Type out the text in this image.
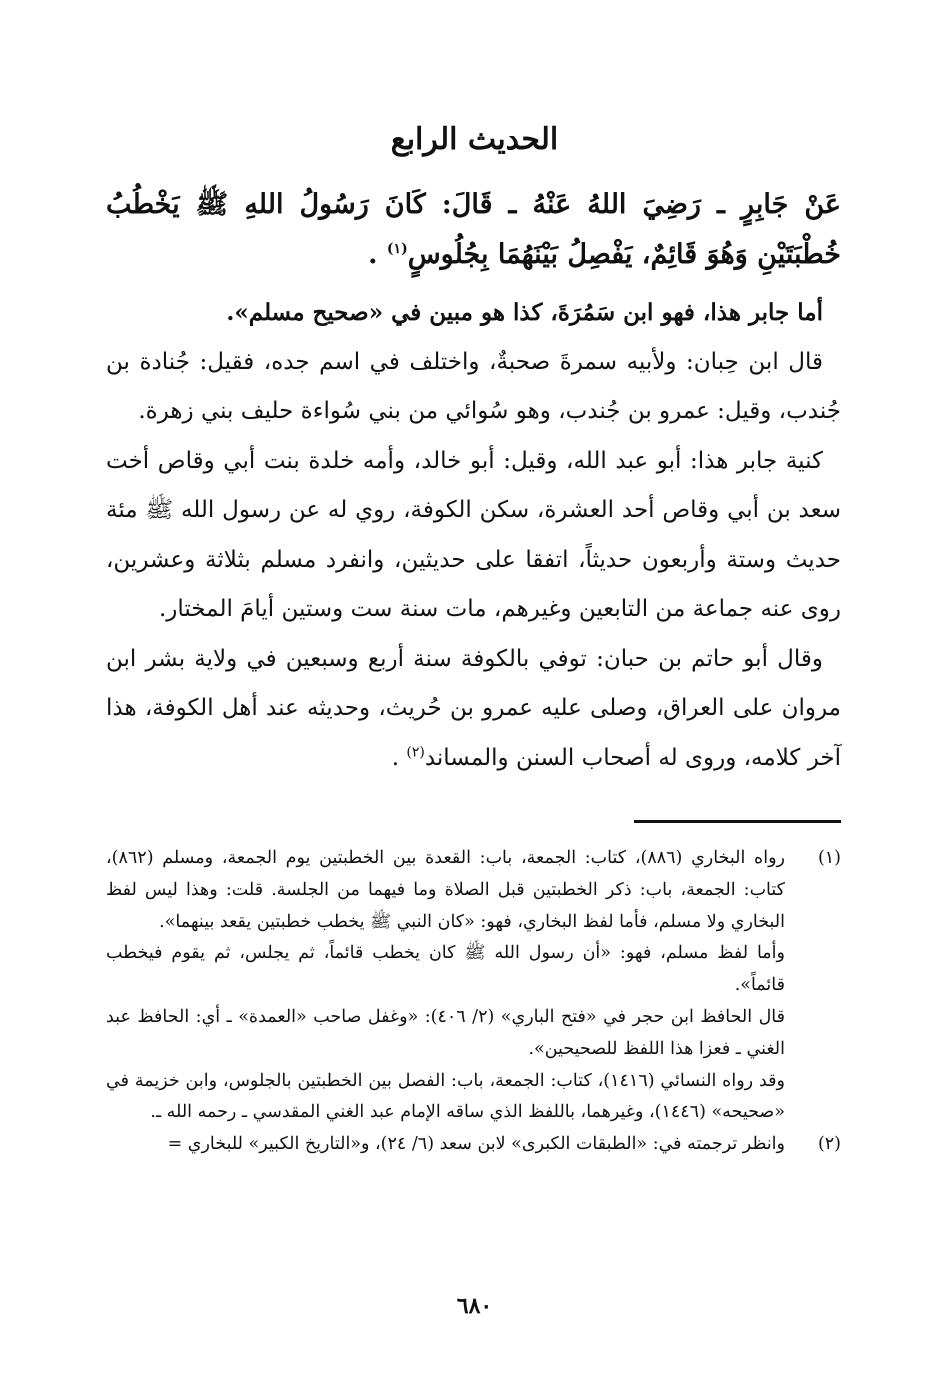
الحديث الرابع
عَنْ جَابِرٍ ـ رَضِيَ اللهُ عَنْهُ ـ قَالَ: كَانَ رَسُولُ اللهِ ﷺ يَخْطُبُ خُطْبَتَيْنِ وَهُوَ قَائِمٌ، يَفْصِلُ بَيْنَهُمَا بِجُلُوسٍ$^{(١)}$ .

أما جابر هذا، فهو ابن سَمُرَةَ، كذا هو مبين في «صحيح مسلم».

قال ابن حِبان: ولأبيه سمرةَ صحبةٌ، واختلف في اسم جده، فقيل: جُنادة بن جُندب، وقيل: عمرو بن جُندب، وهو سُوائي من بني سُواءة حليف بني زهرة.

كنية جابر هذا: أبو عبد الله، وقيل: أبو خالد، وأمه خلدة بنت أبي وقاص أخت سعد بن أبي وقاص أحد العشرة، سكن الكوفة، روي له عن رسول الله ﷺ مئة حديث وستة وأربعون حديثاً، اتفقا على حديثين، وانفرد مسلم بثلاثة وعشرين، روى عنه جماعة من التابعين وغيرهم، مات سنة ست وستين أيامَ المختار.

وقال أبو حاتم بن حبان: توفي بالكوفة سنة أربع وسبعين في ولاية بشر ابن مروان على العراق، وصلى عليه عمرو بن حُريث، وحديثه عند أهل الكوفة، هذا آخر كلامه، وروى له أصحاب السنن والمساند$^{(٢)}$ .

(١)

رواه البخاري (٨٨٦)، كتاب: الجمعة، باب: القعدة بين الخطبتين يوم الجمعة، ومسلم (٨٦٢)، كتاب: الجمعة، باب: ذكر الخطبتين قبل الصلاة وما فيهما من الجلسة. قلت: وهذا ليس لفظ البخاري ولا مسلم، فأما لفظ البخاري، فهو: «كان النبي ﷺ يخطب خطبتين يقعد بينهما».

وأما لفظ مسلم، فهو: «أن رسول الله ﷺ كان يخطب قائماً، ثم يجلس، ثم يقوم فيخطب قائماً».

قال الحافظ ابن حجر في «فتح الباري» (٢/ ٤٠٦): «وغفل صاحب «العمدة» ـ أي: الحافظ عبد الغني ـ فعزا هذا اللفظ للصحيحين».

وقد رواه النسائي (١٤١٦)، كتاب: الجمعة، باب: الفصل بين الخطبتين بالجلوس، وابن خزيمة في «صحيحه» (١٤٤٦)، وغيرهما، باللفظ الذي ساقه الإمام عبد الغني المقدسي ـ رحمه الله ـ.

(٢)

وانظر ترجمته في: «الطبقات الكبرى» لابن سعد (٦/ ٢٤)، و«التاريخ الكبير» للبخاري =

٦٨٠
